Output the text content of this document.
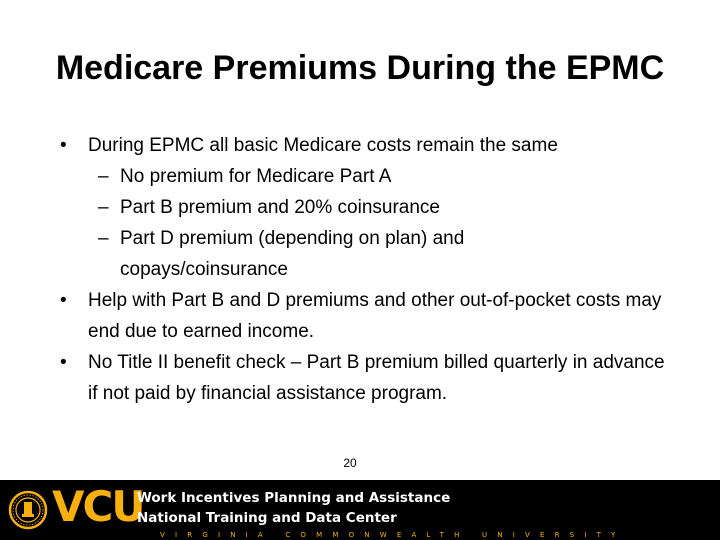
Medicare Premiums During the EPMC
•	During EPMC all basic Medicare costs remain the same
– No premium for Medicare Part A
– Part B premium and 20% coinsurance
– Part D premium (depending on plan) and copays/coinsurance
•	Help with Part B and D premiums and other out-of-pocket costs may end due to earned income.
•	No Title II benefit check – Part B premium billed quarterly in advance if not paid by financial assistance program.
20
VCU
Work Incentives Planning and Assistance
National Training and Data Center
VIRGINIA COMMONWEALTH UNIVERSITY
